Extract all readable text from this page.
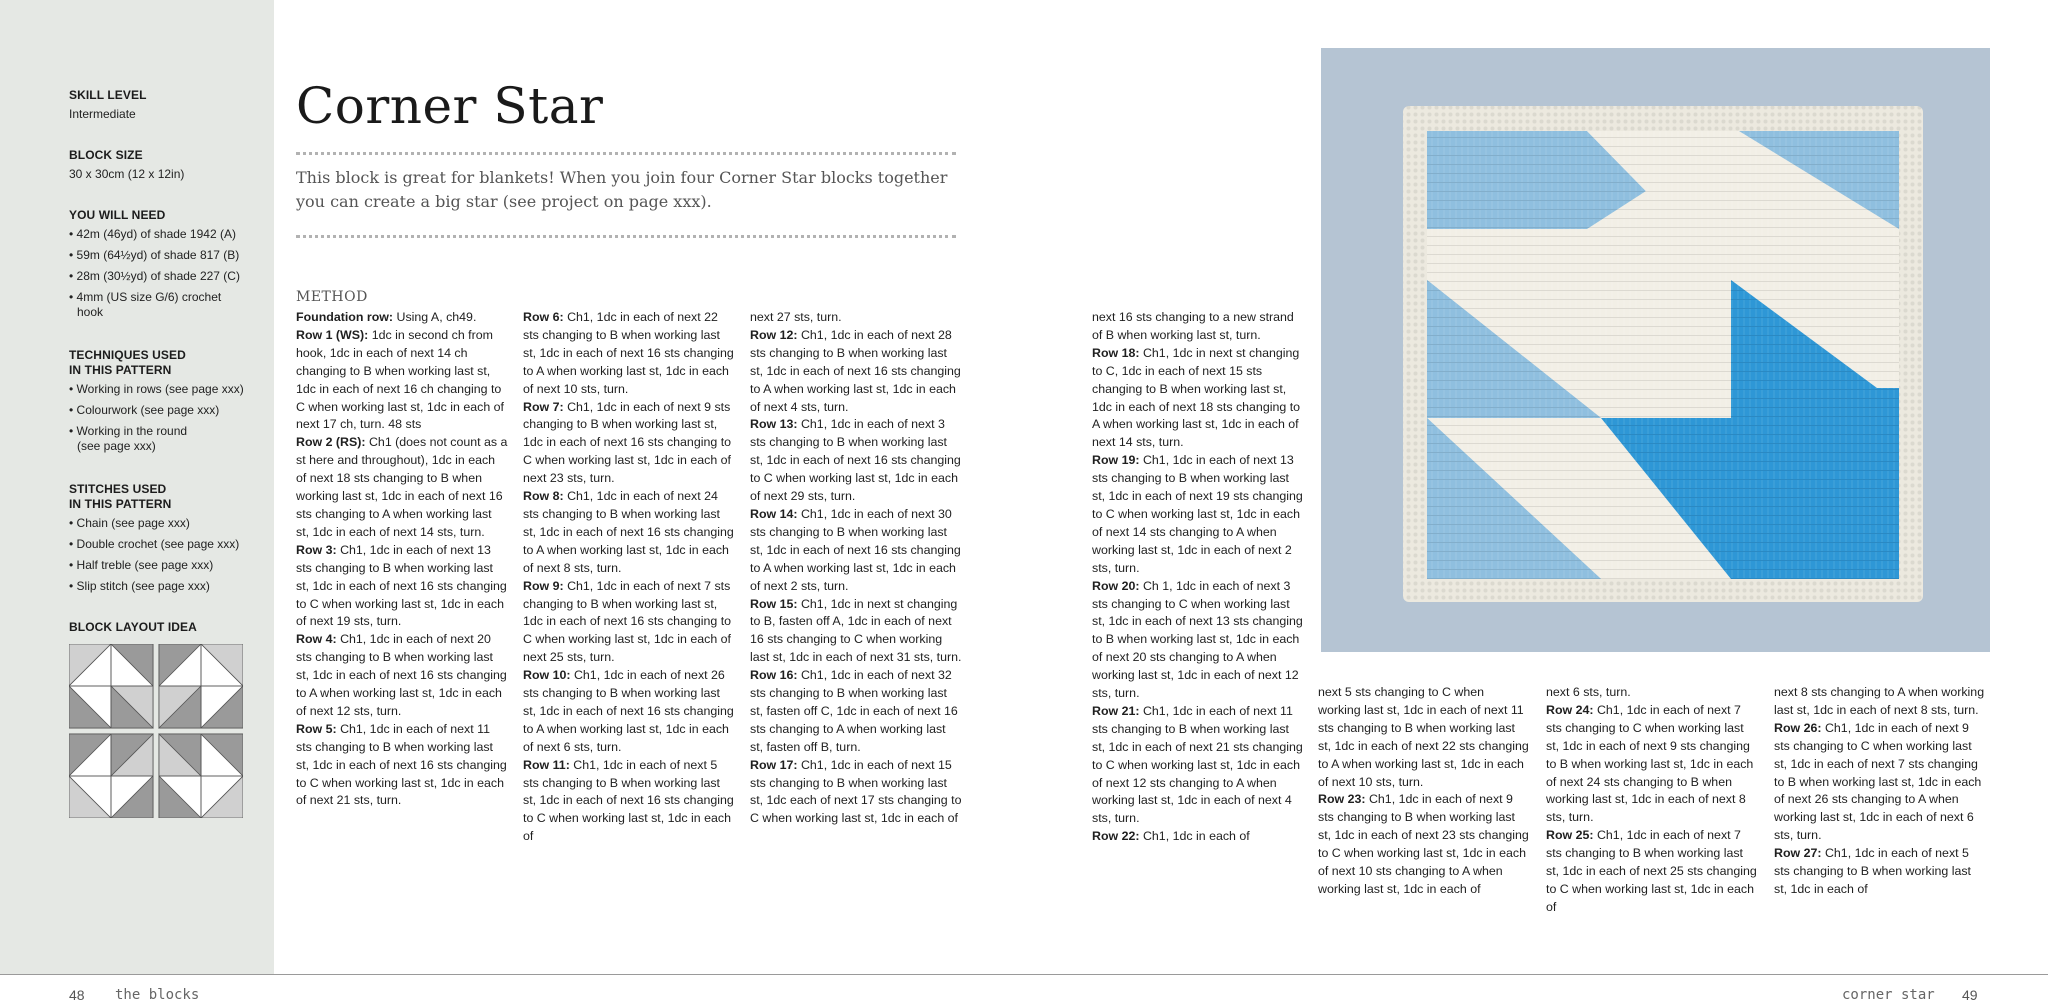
SKILL LEVEL
Intermediate
BLOCK SIZE
30 x 30cm (12 x 12in)
YOU WILL NEED
• 42m (46yd) of shade 1942 (A)
• 59m (64½yd) of shade 817 (B)
• 28m (30½yd) of shade 227 (C)
• 4mm (US size G/6) crochet hook
TECHNIQUES USED
IN THIS PATTERN
• Working in rows (see page xxx)
• Colourwork (see page xxx)
• Working in the round (see page xxx)
STITCHES USED
IN THIS PATTERN
• Chain (see page xxx)
• Double crochet (see page xxx)
• Half treble (see page xxx)
• Slip stitch (see page xxx)
BLOCK LAYOUT IDEA
Corner Star

This block is great for blankets! When you join four Corner Star blocks together you can create a big star (see project on page xxx).

METHOD

Foundation row: Using A, ch49.

Row 1 (WS): 1dc in second ch from hook, 1dc in each of next 14 ch changing to B when working last st, 1dc in each of next 16 ch changing to C when working last st, 1dc in each of next 17 ch, turn. 48 sts

Row 2 (RS): Ch1 (does not count as a st here and throughout), 1dc in each of next 18 sts changing to B when working last st, 1dc in each of next 16 sts changing to A when working last st, 1dc in each of next 14 sts, turn.

Row 3: Ch1, 1dc in each of next 13 sts changing to B when working last st, 1dc in each of next 16 sts changing to C when working last st, 1dc in each of next 19 sts, turn.

Row 4: Ch1, 1dc in each of next 20 sts changing to B when working last st, 1dc in each of next 16 sts changing to A when working last st, 1dc in each of next 12 sts, turn.

Row 5: Ch1, 1dc in each of next 11 sts changing to B when working last st, 1dc in each of next 16 sts changing to C when working last st, 1dc in each of next 21 sts, turn.

Row 6: Ch1, 1dc in each of next 22 sts changing to B when working last st, 1dc in each of next 16 sts changing to A when working last st, 1dc in each of next 10 sts, turn.

Row 7: Ch1, 1dc in each of next 9 sts changing to B when working last st, 1dc in each of next 16 sts changing to C when working last st, 1dc in each of next 23 sts, turn.

Row 8: Ch1, 1dc in each of next 24 sts changing to B when working last st, 1dc in each of next 16 sts changing to A when working last st, 1dc in each of next 8 sts, turn.

Row 9: Ch1, 1dc in each of next 7 sts changing to B when working last st, 1dc in each of next 16 sts changing to C when working last st, 1dc in each of next 25 sts, turn.

Row 10: Ch1, 1dc in each of next 26 sts changing to B when working last st, 1dc in each of next 16 sts changing to A when working last st, 1dc in each of next 6 sts, turn.

Row 11: Ch1, 1dc in each of next 5 sts changing to B when working last st, 1dc in each of next 16 sts changing to C when working last st, 1dc in each of

next 27 sts, turn.

Row 12: Ch1, 1dc in each of next 28 sts changing to B when working last st, 1dc in each of next 16 sts changing to A when working last st, 1dc in each of next 4 sts, turn.

Row 13: Ch1, 1dc in each of next 3 sts changing to B when working last st, 1dc in each of next 16 sts changing to C when working last st, 1dc in each of next 29 sts, turn.

Row 14: Ch1, 1dc in each of next 30 sts changing to B when working last st, 1dc in each of next 16 sts changing to A when working last st, 1dc in each of next 2 sts, turn.

Row 15: Ch1, 1dc in next st changing to B, fasten off A, 1dc in each of next 16 sts changing to C when working last st, 1dc in each of next 31 sts, turn.

Row 16: Ch1, 1dc in each of next 32 sts changing to B when working last st, fasten off C, 1dc in each of next 16 sts changing to A when working last st, fasten off B, turn.

Row 17: Ch1, 1dc in each of next 15 sts changing to B when working last st, 1dc each of next 17 sts changing to C when working last st, 1dc in each of

next 16 sts changing to a new strand of B when working last st, turn.

Row 18: Ch1, 1dc in next st changing to C, 1dc in each of next 15 sts changing to B when working last st, 1dc in each of next 18 sts changing to A when working last st, 1dc in each of next 14 sts, turn.

Row 19: Ch1, 1dc in each of next 13 sts changing to B when working last st, 1dc in each of next 19 sts changing to C when working last st, 1dc in each of next 14 sts changing to A when working last st, 1dc in each of next 2 sts, turn.

Row 20: Ch 1, 1dc in each of next 3 sts changing to C when working last st, 1dc in each of next 13 sts changing to B when working last st, 1dc in each of next 20 sts changing to A when working last st, 1dc in each of next 12 sts, turn.

Row 21: Ch1, 1dc in each of next 11 sts changing to B when working last st, 1dc in each of next 21 sts changing to C when working last st, 1dc in each of next 12 sts changing to A when working last st, 1dc in each of next 4 sts, turn.

Row 22: Ch1, 1dc in each of

next 5 sts changing to C when working last st, 1dc in each of next 11 sts changing to B when working last st, 1dc in each of next 22 sts changing to A when working last st, 1dc in each of next 10 sts, turn.

Row 23: Ch1, 1dc in each of next 9 sts changing to B when working last st, 1dc in each of next 23 sts changing to C when working last st, 1dc in each of next 10 sts changing to A when working last st, 1dc in each of

next 6 sts, turn.

Row 24: Ch1, 1dc in each of next 7 sts changing to C when working last st, 1dc in each of next 9 sts changing to B when working last st, 1dc in each of next 24 sts changing to B when working last st, 1dc in each of next 8 sts, turn.

Row 25: Ch1, 1dc in each of next 7 sts changing to B when working last st, 1dc in each of next 25 sts changing to C when working last st, 1dc in each of

next 8 sts changing to A when working last st, 1dc in each of next 8 sts, turn.

Row 26: Ch1, 1dc in each of next 9 sts changing to C when working last st, 1dc in each of next 7 sts changing to B when working last st, 1dc in each of next 26 sts changing to A when working last st, 1dc in each of next 6 sts, turn.

Row 27: Ch1, 1dc in each of next 5 sts changing to B when working last st, 1dc in each of

48 the blocks	corner star 49
